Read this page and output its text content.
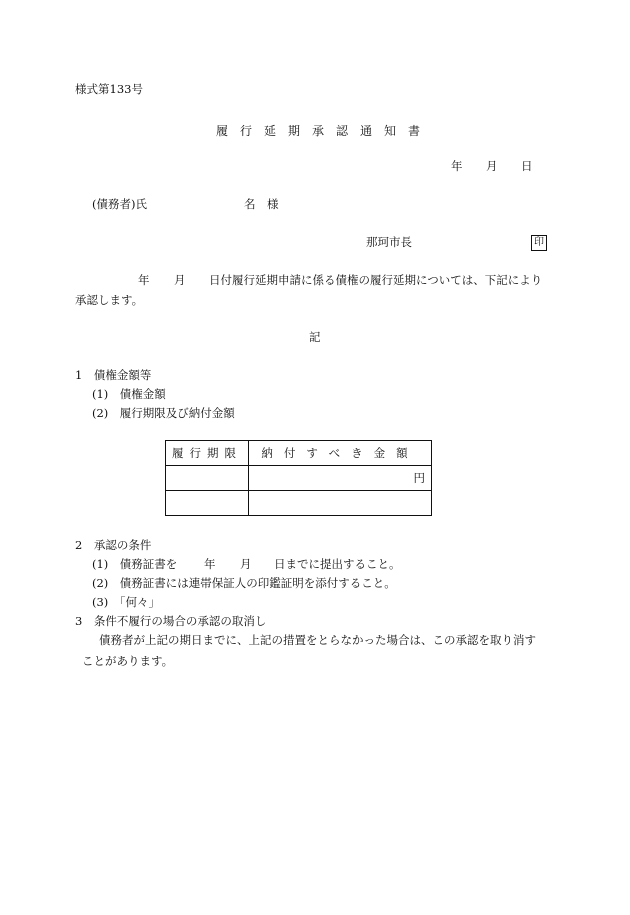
様式第133号
履行延期承認通知書
年 月 日
(債務者)氏	名　様
那珂市長	印
年 月 日付履行延期申請に係る債権の履行延期については、下記により
承認します。
記
1　債権金額等
(1)　債権金額
(2)　履行期限及び納付金額
履行期限	納付すべき金額
	円

2　承認の条件
(1)　債務証書を 年 月 日までに提出すること。
(2)　債務証書には連帯保証人の印鑑証明を添付すること。
(3)　「何々」
3　条件不履行の場合の承認の取消し
債務者が上記の期日までに、上記の措置をとらなかった場合は、この承認を取り消す
ことがあります。
